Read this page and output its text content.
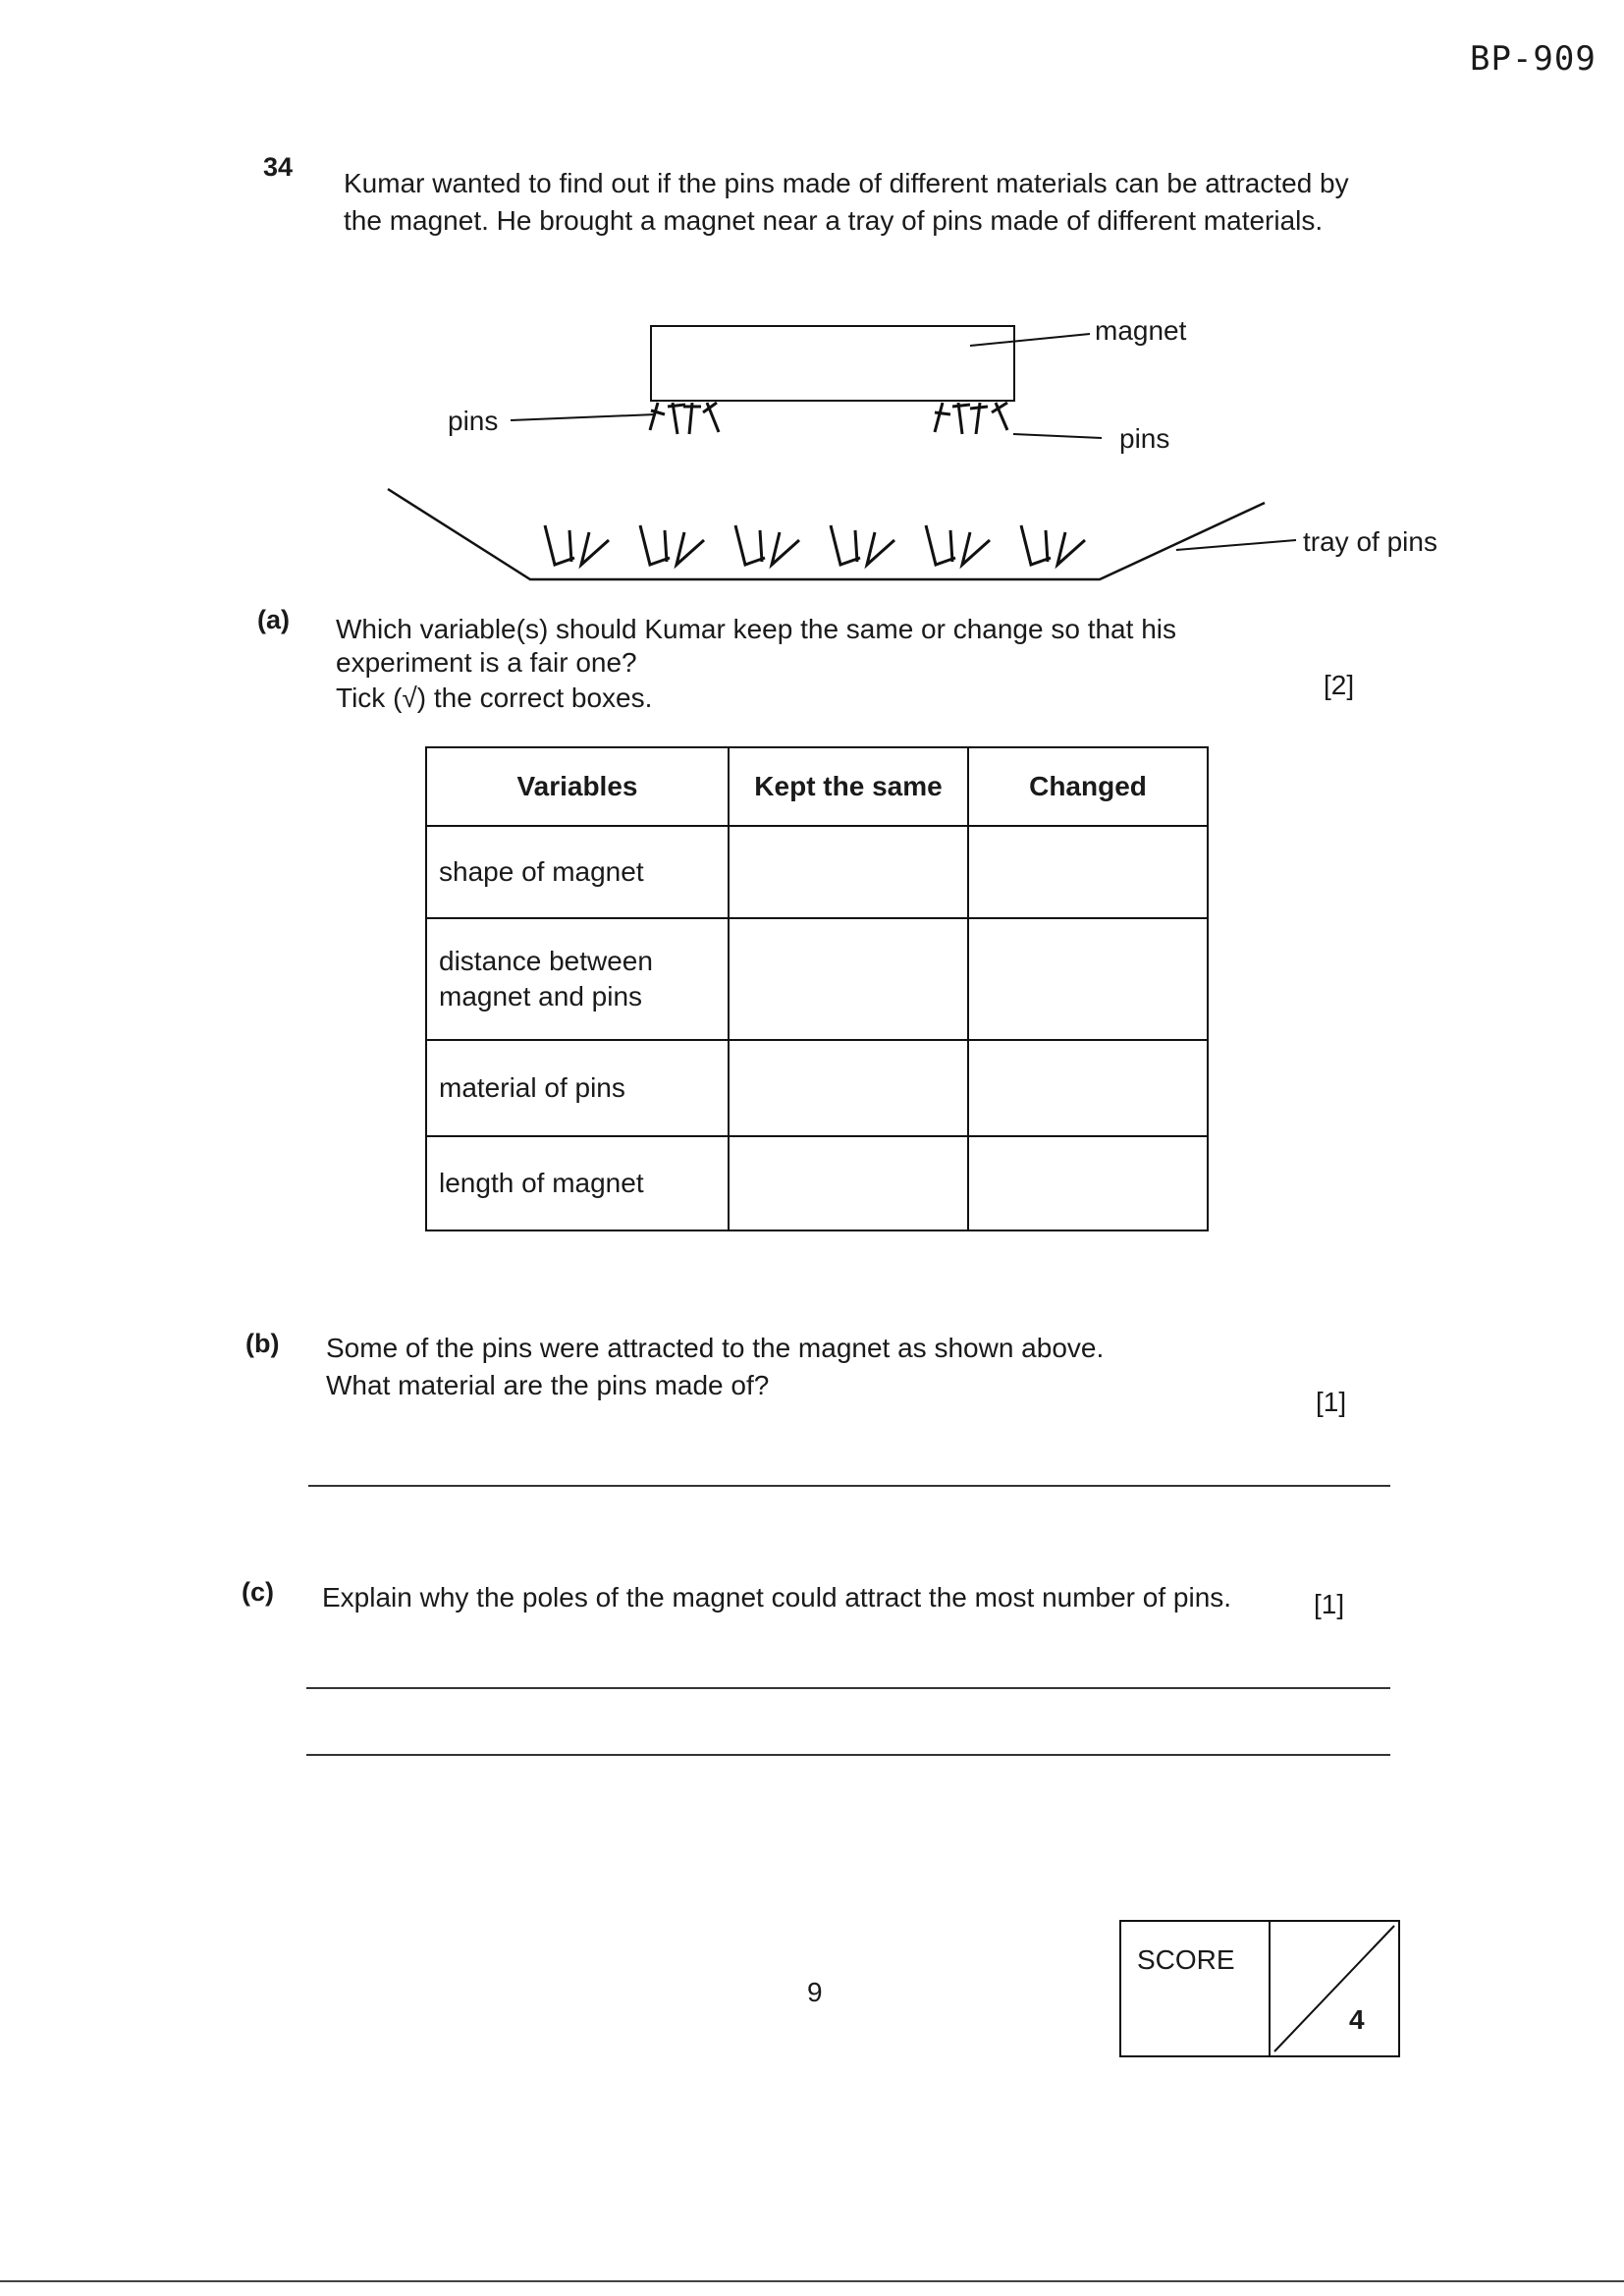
BP-909
34
Kumar wanted to find out if the pins made of different materials can be attracted by
the magnet. He brought a magnet near a tray of pins made of different materials.
magnet
pins
pins
tray of pins
(a) Which variable(s) should Kumar keep the same or change so that his
experiment is a fair one?
Tick (√) the correct boxes.	[2]
Variables	Kept the same	Changed
shape of magnet		

distance between
magnet and pins		

material of pins		
length of magnet		
(b) Some of the pins were attracted to the magnet as shown above.
What material are the pins made of?
[1]
(c) Explain why the poles of the magnet could attract the most number of pins.	[1]
9
SCORE
4
